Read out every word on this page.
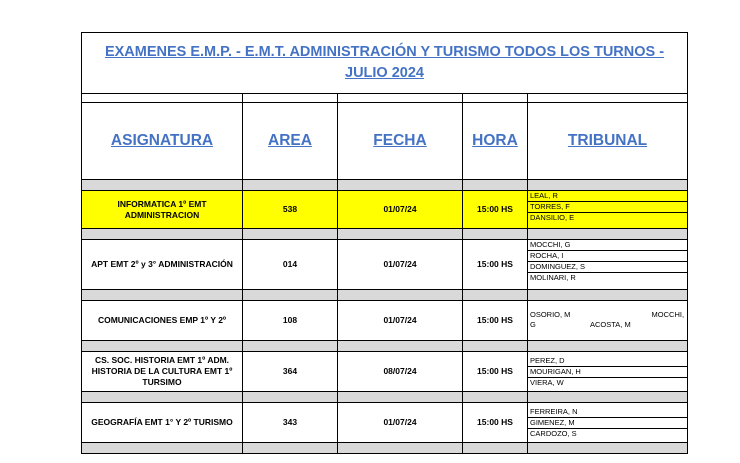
EXAMENES E.M.P. - E.M.T. ADMINISTRACIÓN Y TURISMO TODOS LOS TURNOS - JULIO 2024				

ASIGNATURA	AREA	FECHA	HORA	TRIBUNAL

INFORMATICA 1º EMT ADMINISTRACION	538	01/07/24	15:00 HS	LEAL, R
TORRES, F
DANSILIO, E

APT EMT 2º y 3° ADMINISTRACIÓN	014	01/07/24	15:00 HS	MOCCHI, G
ROCHA, I
DOMINGUEZ, S
MOLINARI, R

COMUNICACIONES EMP 1º Y 2º	108	01/07/24	15:00 HS	OSORIO, M MOCCHI,
G ACOSTA, M

CS. SOC. HISTORIA EMT 1º ADM. HISTORIA DE LA CULTURA EMT 1º TURSIMO	364	08/07/24	15:00 HS	PEREZ, D
MOURIGAN, H
VIERA, W

GEOGRAFÍA EMT 1° Y 2º TURISMO	343	01/07/24	15:00 HS	FERREIRA, N
GIMENEZ, M
CARDOZO, S
